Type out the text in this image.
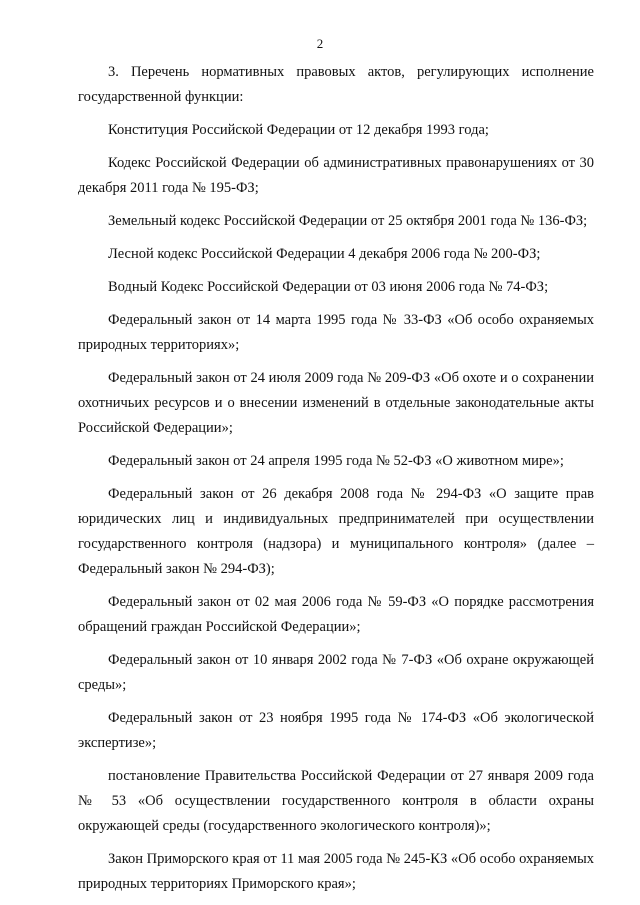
2

3. Перечень нормативных правовых актов, регулирующих исполнение государственной функции:

Конституция Российской Федерации от 12 декабря 1993 года;

Кодекс Российской Федерации об административных правонарушениях от 30 декабря 2011 года № 195-ФЗ;

Земельный кодекс Российской Федерации от 25 октября 2001 года № 136-ФЗ;

Лесной кодекс Российской Федерации 4 декабря 2006 года № 200-ФЗ;

Водный Кодекс Российской Федерации от 03 июня 2006 года № 74-ФЗ;

Федеральный закон от 14 марта 1995 года № 33-ФЗ «Об особо охраняемых природных территориях»;

Федеральный закон от 24 июля 2009 года № 209-ФЗ «Об охоте и о сохранении охотничьих ресурсов и о внесении изменений в отдельные законодательные акты Российской Федерации»;

Федеральный закон от 24 апреля 1995 года № 52-ФЗ «О животном мире»;

Федеральный закон от 26 декабря 2008 года № 294-ФЗ «О защите прав юридических лиц и индивидуальных предпринимателей при осуществлении государственного контроля (надзора) и муниципального контроля» (далее – Федеральный закон № 294-ФЗ);

Федеральный закон от 02 мая 2006 года № 59-ФЗ «О порядке рассмотрения обращений граждан Российской Федерации»;

Федеральный закон от 10 января 2002 года № 7-ФЗ «Об охране окружающей среды»;

Федеральный закон от 23 ноября 1995 года № 174-ФЗ «Об экологической экспертизе»;

постановление Правительства Российской Федерации от 27 января 2009 года № 53 «Об осуществлении государственного контроля в области охраны окружающей среды (государственного экологического контроля)»;

Закон Приморского края от 11 мая 2005 года № 245-КЗ «Об особо охраняемых природных территориях Приморского края»;
